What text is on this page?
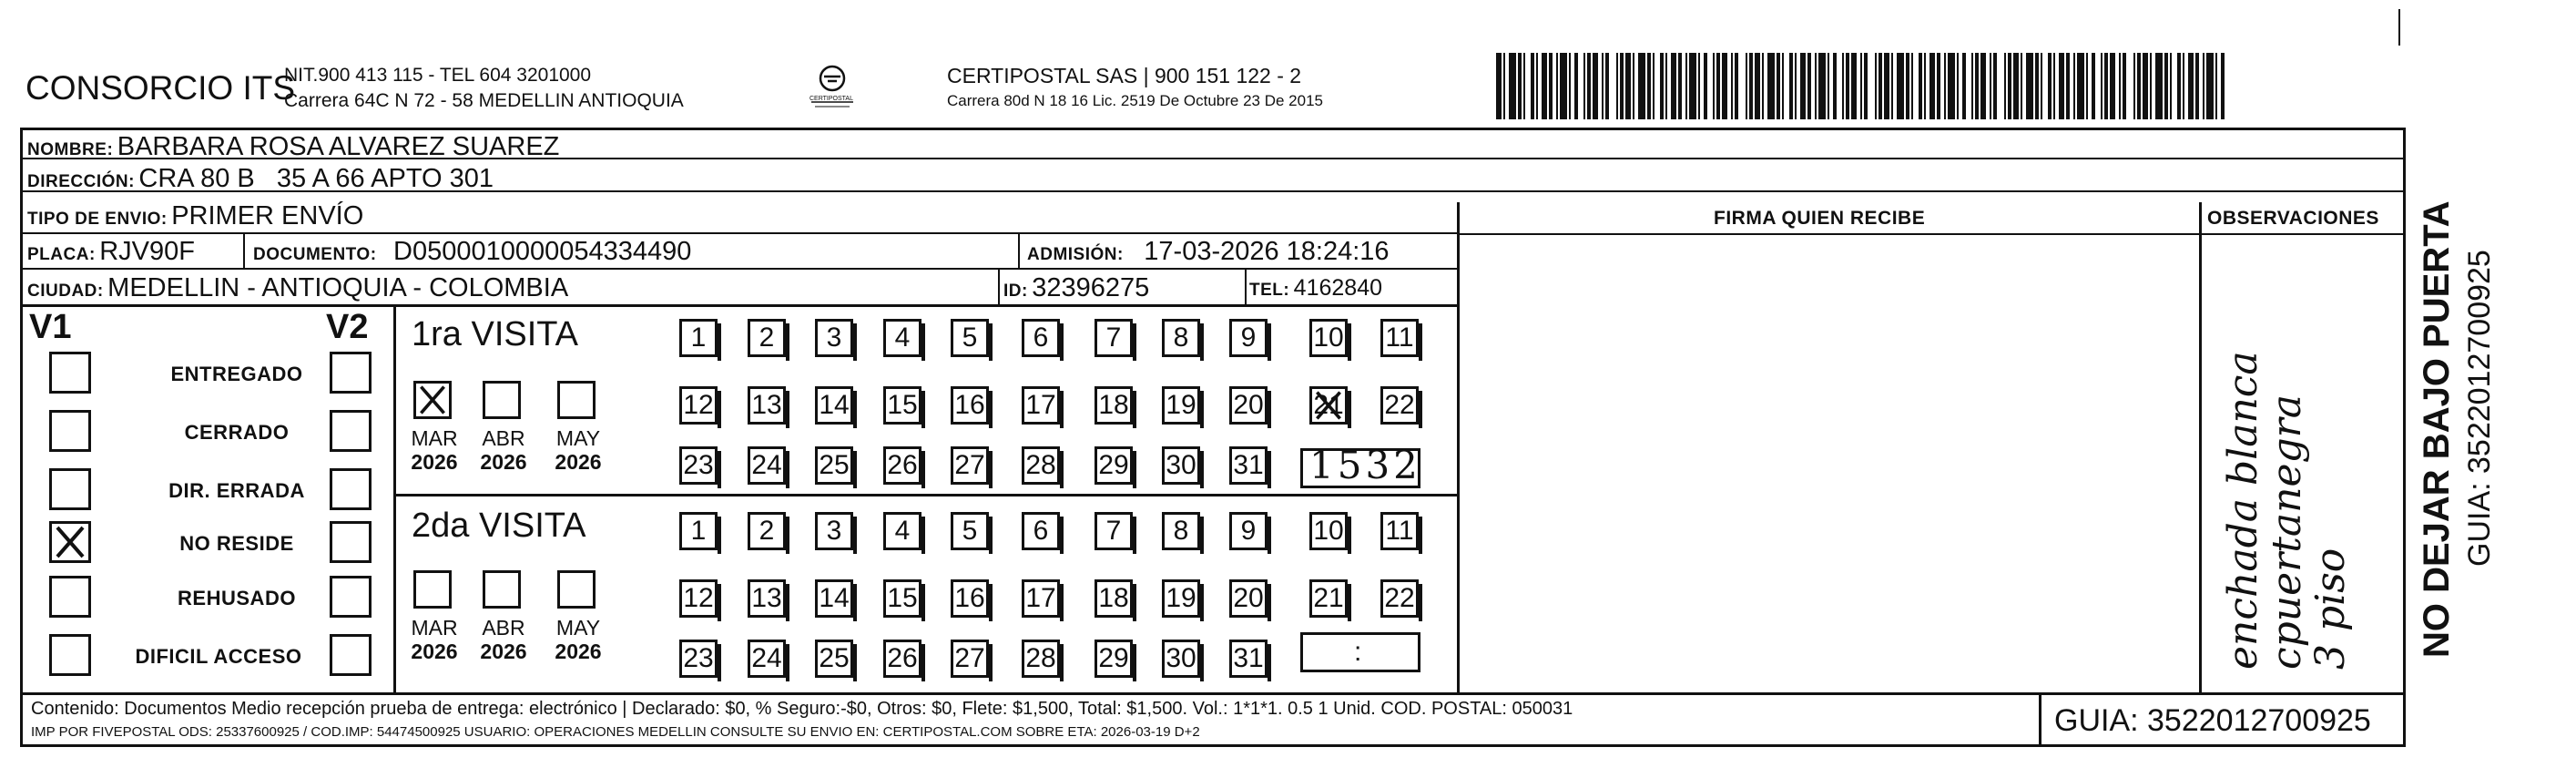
CONSORCIO ITS
NIT.900 413 115 - TEL 604 3201000
Carrera 64C N 72 - 58 MEDELLIN ANTIOQUIA	CERTIPOSTAL
CERTIPOSTAL SAS | 900 151 122 - 2
Carrera 80d N 18 16 Lic. 2519 De Octubre 23 De 2015
NOMBRE: BARBARA ROSA ALVAREZ SUAREZ
DIRECCIÓN: CRA 80 B   35 A 66 APTO 301
TIPO DE ENVIO: PRIMER ENVÍO
PLACA: RJV90F	DOCUMENTO: D0500010000054334490	ADMISIÓN: 17-03-2026 18:24:16
CIUDAD: MEDELLIN - ANTIOQUIA - COLOMBIA	ID: 32396275	TEL: 4162840
FIRMA QUIEN RECIBE	OBSERVACIONES
enchada blanca
cpuertanegra
3 piso NO DEJAR BAJO PUERTA GUIA: 3522012700925
V1	V2
ENTREGADO
CERRADO
DIR. ERRADA
NO RESIDE
REHUSADO
DIFICIL ACCESO
1ra VISITA
MAR
2026
ABR
2026
MAY
2026
1 2 3 4 5 6 7 8 9 10 11
12 13 14 15 16 17 18 19 20 21 22
23 24 25 26 27 28 29 30 31 1532
2da VISITA
MAR
2026
ABR
2026
MAY
2026
1 2 3 4 5 6 7 8 9 10 11
12 13 14 15 16 17 18 19 20 21 22
23 24 25 26 27 28 29 30 31	:
Contenido: Documentos Medio recepción prueba de entrega: electrónico | Declarado: $0, % Seguro:-$0, Otros: $0, Flete: $1,500, Total: $1,500. Vol.: 1*1*1. 0.5 1 Unid. COD. POSTAL: 050031
IMP POR FIVEPOSTAL ODS: 25337600925 / COD.IMP: 54474500925 USUARIO: OPERACIONES MEDELLIN CONSULTE SU ENVIO EN: CERTIPOSTAL.COM SOBRE ETA: 2026-03-19 D+2	GUIA: 3522012700925
